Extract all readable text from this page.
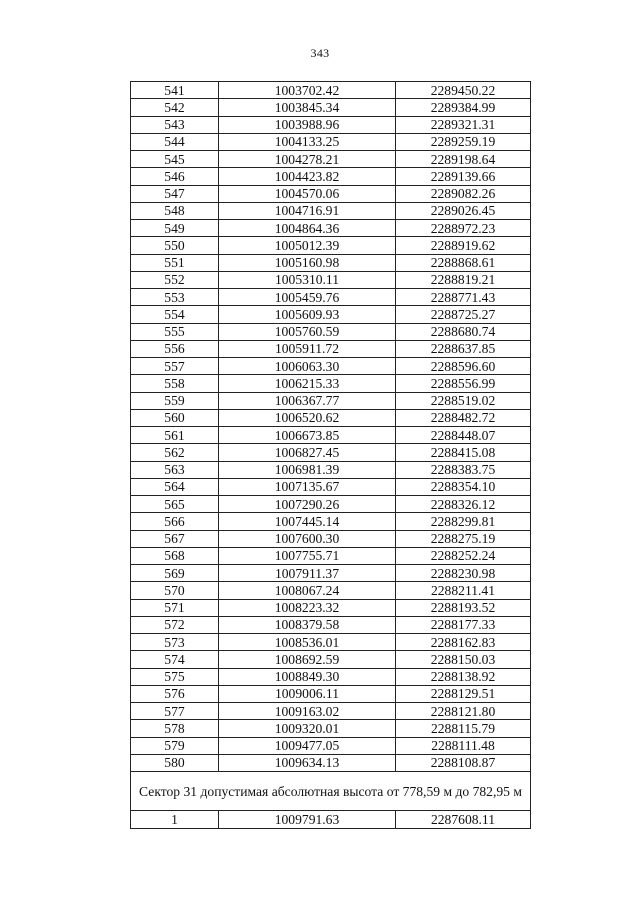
343
541	1003702.42	2289450.22
542	1003845.34	2289384.99
543	1003988.96	2289321.31
544	1004133.25	2289259.19
545	1004278.21	2289198.64
546	1004423.82	2289139.66
547	1004570.06	2289082.26
548	1004716.91	2289026.45
549	1004864.36	2288972.23
550	1005012.39	2288919.62
551	1005160.98	2288868.61
552	1005310.11	2288819.21
553	1005459.76	2288771.43
554	1005609.93	2288725.27
555	1005760.59	2288680.74
556	1005911.72	2288637.85
557	1006063.30	2288596.60
558	1006215.33	2288556.99
559	1006367.77	2288519.02
560	1006520.62	2288482.72
561	1006673.85	2288448.07
562	1006827.45	2288415.08
563	1006981.39	2288383.75
564	1007135.67	2288354.10
565	1007290.26	2288326.12
566	1007445.14	2288299.81
567	1007600.30	2288275.19
568	1007755.71	2288252.24
569	1007911.37	2288230.98
570	1008067.24	2288211.41
571	1008223.32	2288193.52
572	1008379.58	2288177.33
573	1008536.01	2288162.83
574	1008692.59	2288150.03
575	1008849.30	2288138.92
576	1009006.11	2288129.51
577	1009163.02	2288121.80
578	1009320.01	2288115.79
579	1009477.05	2288111.48
580	1009634.13	2288108.87
Сектор 31 допустимая абсолютная высота от 778,59 м до 782,95 м		
1	1009791.63	2287608.11
